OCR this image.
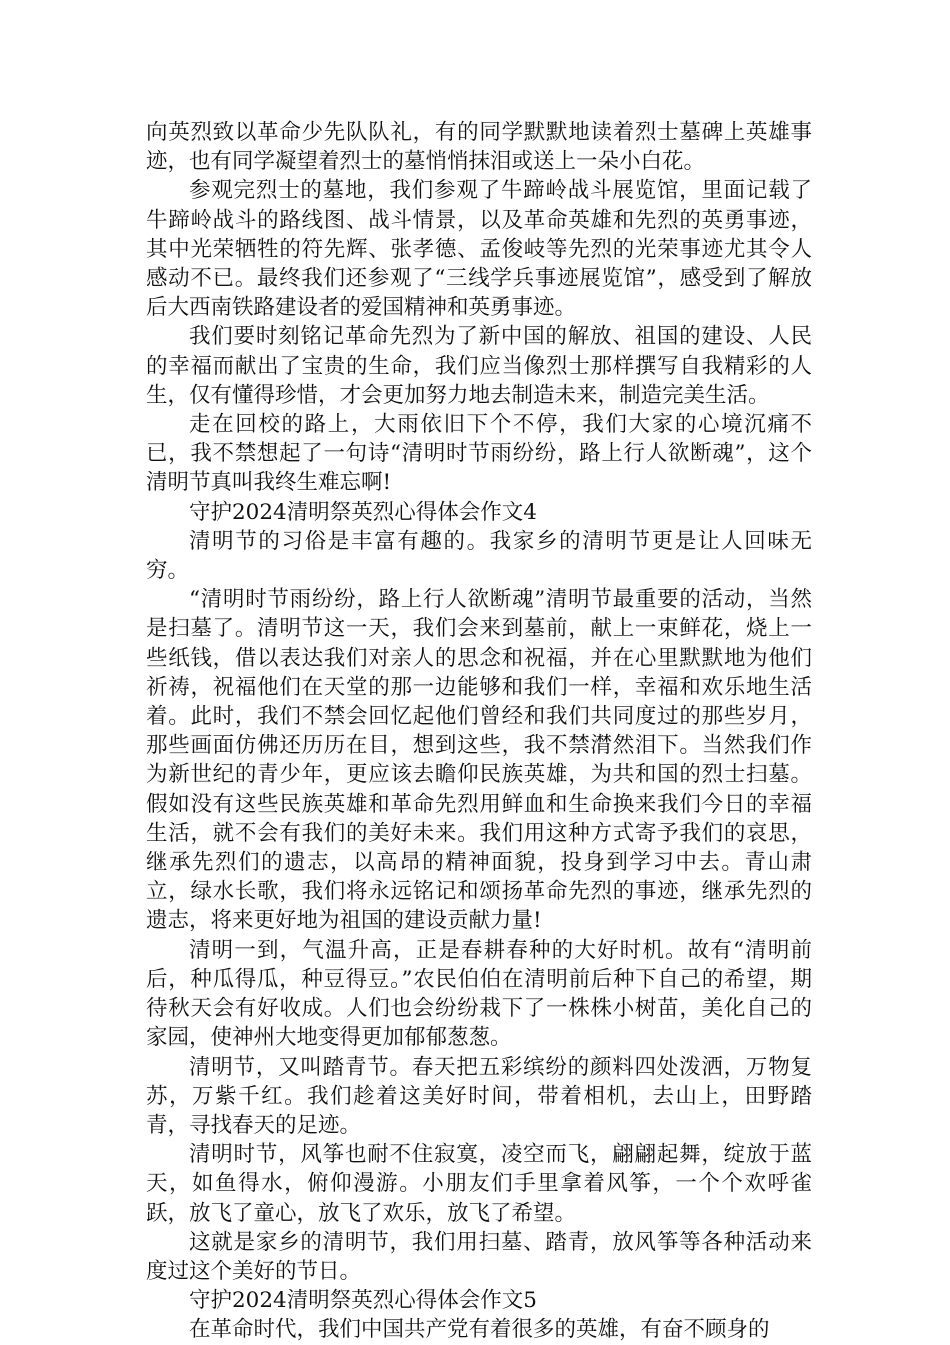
向英烈致以革命少先队队礼，有的同学默默地读着烈士墓碑上英雄事迹，也有同学凝望着烈士的墓悄悄抹泪或送上一朵小白花。

参观完烈士的墓地，我们参观了牛蹄岭战斗展览馆，里面记载了牛蹄岭战斗的路线图、战斗情景，以及革命英雄和先烈的英勇事迹，其中光荣牺牲的符先辉、张孝德、孟俊岐等先烈的光荣事迹尤其令人感动不已。最终我们还参观了“三线学兵事迹展览馆”，感受到了解放后大西南铁路建设者的爱国精神和英勇事迹。

我们要时刻铭记革命先烈为了新中国的解放、祖国的建设、人民的幸福而献出了宝贵的生命，我们应当像烈士那样撰写自我精彩的人生，仅有懂得珍惜，才会更加努力地去制造未来，制造完美生活。

走在回校的路上，大雨依旧下个不停，我们大家的心境沉痛不已，我不禁想起了一句诗“清明时节雨纷纷，路上行人欲断魂”，这个清明节真叫我终生难忘啊!

守护2024清明祭英烈心得体会作文4

清明节的习俗是丰富有趣的。我家乡的清明节更是让人回味无穷。

“清明时节雨纷纷，路上行人欲断魂”清明节最重要的活动，当然是扫墓了。清明节这一天，我们会来到墓前，献上一束鲜花，烧上一些纸钱，借以表达我们对亲人的思念和祝福，并在心里默默地为他们祈祷，祝福他们在天堂的那一边能够和我们一样，幸福和欢乐地生活着。此时，我们不禁会回忆起他们曾经和我们共同度过的那些岁月，那些画面仿佛还历历在目，想到这些，我不禁潸然泪下。当然我们作为新世纪的青少年，更应该去瞻仰民族英雄，为共和国的烈士扫墓。假如没有这些民族英雄和革命先烈用鲜血和生命换来我们今日的幸福生活，就不会有我们的美好未来。我们用这种方式寄予我们的哀思，继承先烈们的遗志，以高昂的精神面貌，投身到学习中去。青山肃立，绿水长歌，我们将永远铭记和颂扬革命先烈的事迹，继承先烈的遗志，将来更好地为祖国的建设贡献力量!

清明一到，气温升高，正是春耕春种的大好时机。故有“清明前后，种瓜得瓜，种豆得豆。”农民伯伯在清明前后种下自己的希望，期待秋天会有好收成。人们也会纷纷栽下了一株株小树苗，美化自己的家园，使神州大地变得更加郁郁葱葱。

清明节，又叫踏青节。春天把五彩缤纷的颜料四处泼洒，万物复苏，万紫千红。我们趁着这美好时间，带着相机，去山上，田野踏青，寻找春天的足迹。

清明时节，风筝也耐不住寂寞，凌空而飞，翩翩起舞，绽放于蓝天，如鱼得水，俯仰漫游。小朋友们手里拿着风筝，一个个欢呼雀跃，放飞了童心，放飞了欢乐，放飞了希望。

这就是家乡的清明节，我们用扫墓、踏青，放风筝等各种活动来度过这个美好的节日。

守护2024清明祭英烈心得体会作文5

在革命时代，我们中国共产党有着很多的英雄，有奋不顾身的
